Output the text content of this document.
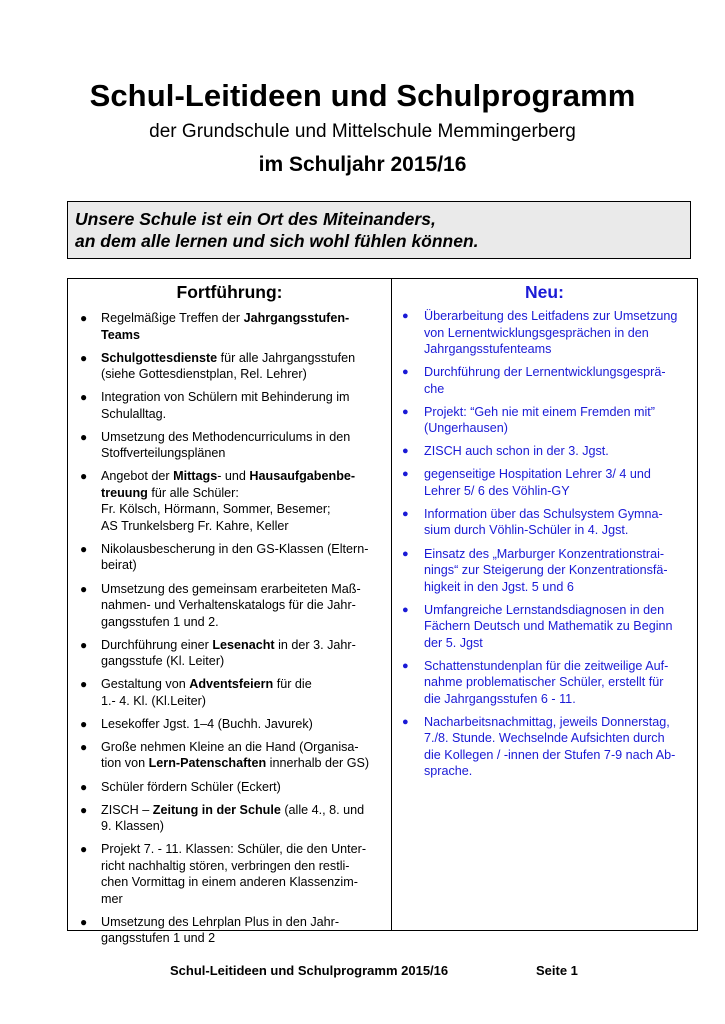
Schul-Leitideen und Schulprogramm
der Grundschule und Mittelschule Memmingerberg
im Schuljahr 2015/16
Unsere Schule ist ein Ort des Miteinanders,
an dem alle lernen und sich wohl fühlen können.
Fortführung:
● Regelmäßige Treffen der Jahrgangsstufen-
Teams
● Schulgottesdienste für alle Jahrgangsstufen
(siehe Gottesdienstplan, Rel. Lehrer)
● Integration von Schülern mit Behinderung im
Schulalltag.
● Umsetzung des Methodencurriculums in den
Stoffverteilungsplänen
● Angebot der Mittags- und Hausaufgabenbe-
treuung für alle Schüler:
Fr. Kölsch, Hörmann, Sommer, Besemer;
AS Trunkelsberg Fr. Kahre, Keller
● Nikolausbescherung in den GS-Klassen (Eltern-
beirat)
● Umsetzung des gemeinsam erarbeiteten Maß-
nahmen- und Verhaltenskatalogs für die Jahr-
gangsstufen 1 und 2.
● Durchführung einer Lesenacht in der 3. Jahr-
gangsstufe (Kl. Leiter)
● Gestaltung von Adventsfeiern für die
1.- 4. Kl. (Kl.Leiter)
● Lesekoffer Jgst. 1–4 (Buchh. Javurek)
● Große nehmen Kleine an die Hand (Organisa-
tion von Lern-Patenschaften innerhalb der GS)
● Schüler fördern Schüler (Eckert)
● ZISCH – Zeitung in der Schule (alle 4., 8. und
9. Klassen)
● Projekt 7. - 11. Klassen: Schüler, die den Unter-
richt nachhaltig stören, verbringen den restli-
chen Vormittag in einem anderen Klassenzim-
mer
● Umsetzung des Lehrplan Plus in den Jahr-
gangsstufen 1 und 2
Neu:
● Überarbeitung des Leitfadens zur Umsetzung
von Lernentwicklungsgesprächen in den
Jahrgangsstufenteams
● Durchführung der Lernentwicklungsgesprä-
che
● Projekt: “Geh nie mit einem Fremden mit”
(Ungerhausen)
● ZISCH auch schon in der 3. Jgst.
● gegenseitige Hospitation Lehrer 3/ 4 und
Lehrer 5/ 6 des Vöhlin-GY
● Information über das Schulsystem Gymna-
sium durch Vöhlin-Schüler in 4. Jgst.
● Einsatz des „Marburger Konzentrationstrai-
nings“ zur Steigerung der Konzentrationsfä-
higkeit in den Jgst. 5 und 6
● Umfangreiche Lernstandsdiagnosen in den
Fächern Deutsch und Mathematik zu Beginn
der 5. Jgst
● Schattenstundenplan für die zeitweilige Auf-
nahme problematischer Schüler, erstellt für
die Jahrgangsstufen 6 - 11.
● Nacharbeitsnachmittag, jeweils Donnerstag,
7./8. Stunde. Wechselnde Aufsichten durch
die Kollegen / -innen der Stufen 7-9 nach Ab-
sprache.
Schul-Leitideen und Schulprogramm 2015/16	Seite 1
